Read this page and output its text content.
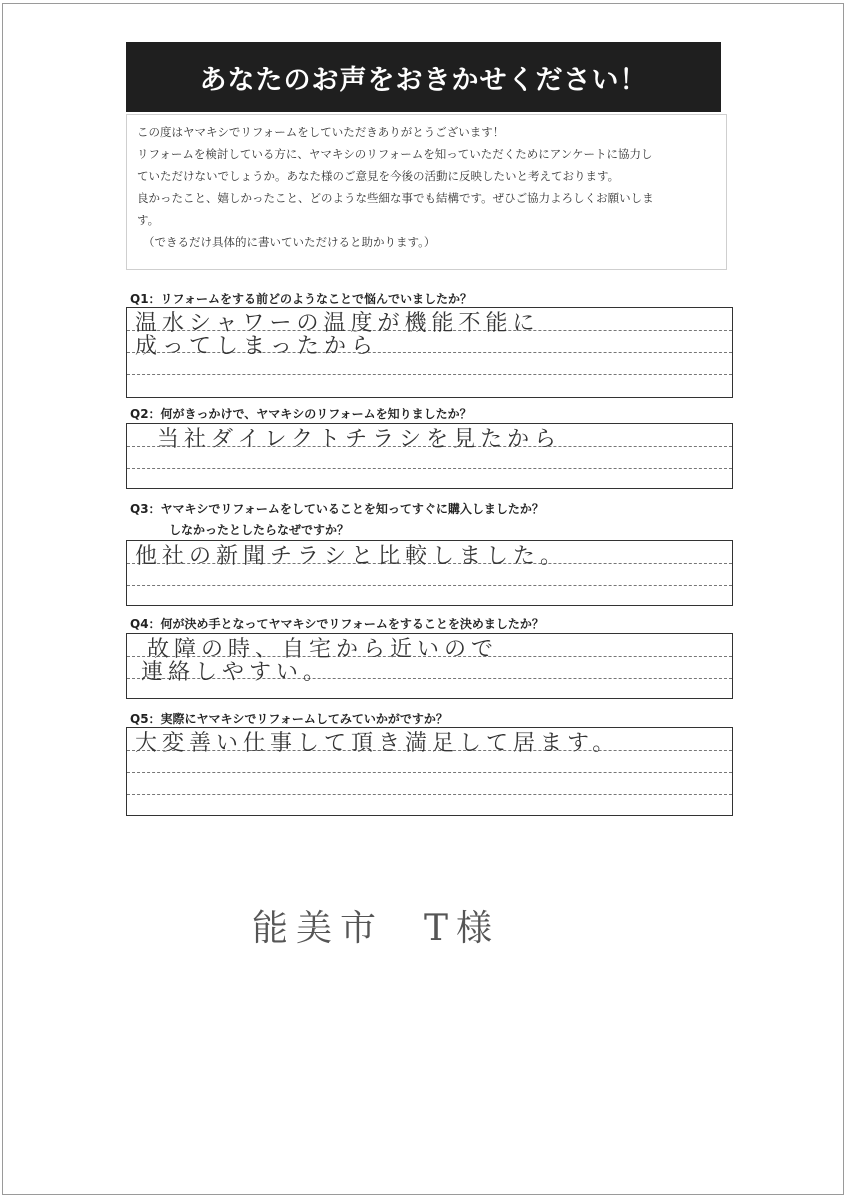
あなたのお声をおきかせください！

この度はヤマキシでリフォームをしていただきありがとうございます！

リフォームを検討している方に、ヤマキシのリフォームを知っていただくためにアンケートに協力し

ていただけないでしょうか。あなた様のご意見を今後の活動に反映したいと考えております。

良かったこと、嬉しかったこと、どのような些細な事でも結構です。ぜひご協力よろしくお願いしま

す。

（できるだけ具体的に書いていただけると助かります。）

Q1：リフォームをする前どのようなことで悩んでいましたか？
温水シャワーの温度が機能不能に
成ってしまったから
Q2：何がきっかけで、ヤマキシのリフォームを知りましたか？
当社ダイレクトチラシを見たから
Q3：ヤマキシでリフォームをしていることを知ってすぐに購入しましたか？
しなかったとしたらなぜですか？
他社の新聞チラシと比較しました。
Q4：何が決め手となってヤマキシでリフォームをすることを決めましたか？
故障の時、自宅から近いので
連絡しやすい。
Q5：実際にヤマキシでリフォームしてみていかがですか？
大変善い仕事して頂き満足して居ます。
能美市 T様
